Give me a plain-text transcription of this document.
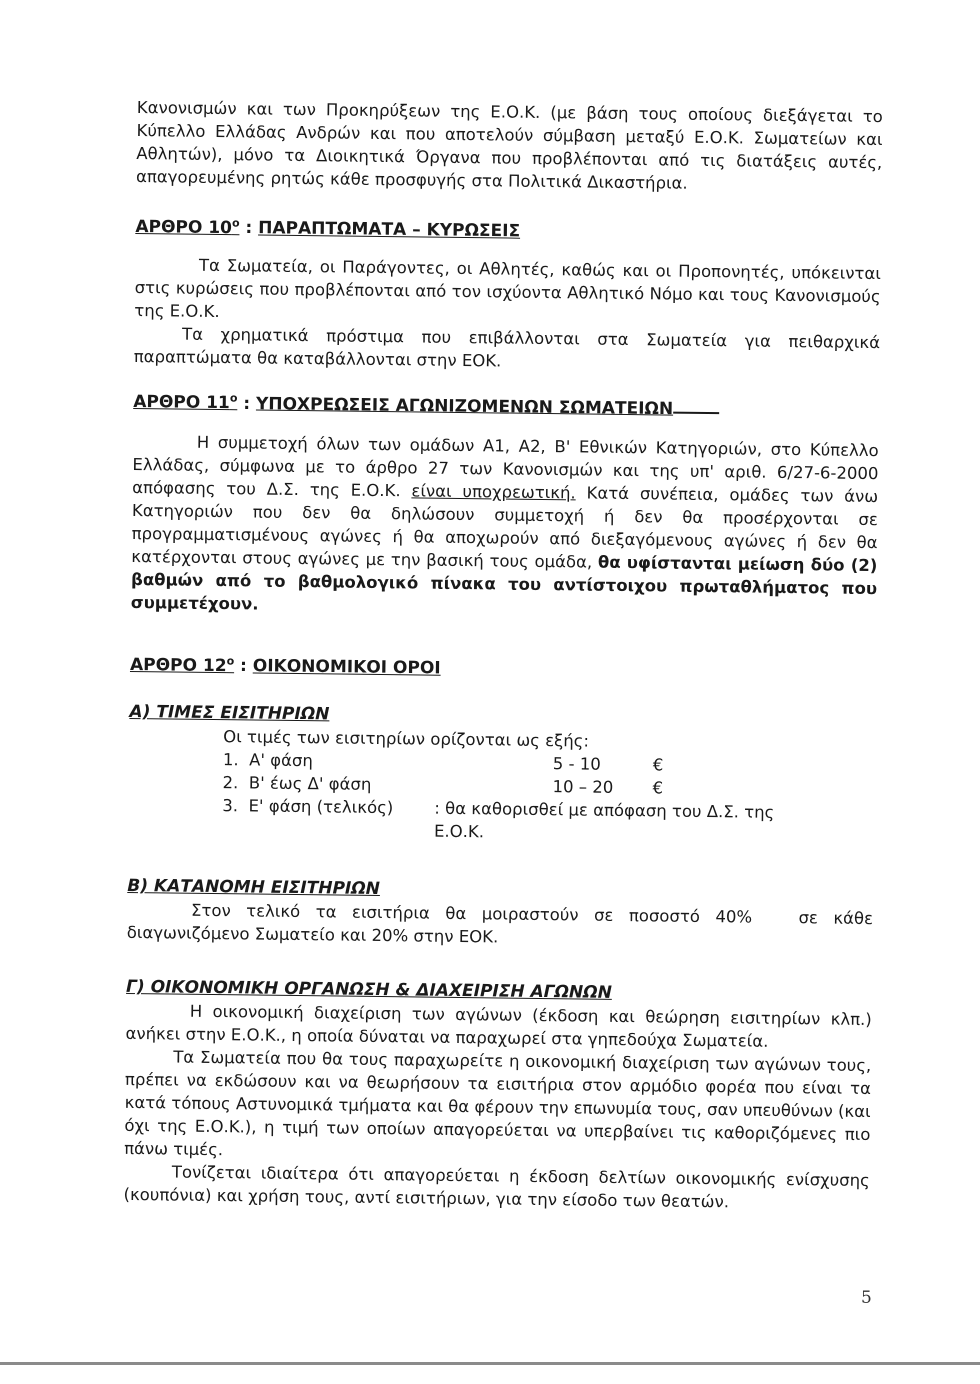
Κανονισμών και των Προκηρύξεων της Ε.Ο.Κ. (με βάση τους οποίους διεξάγεται το Κύπελλο Ελλάδας Ανδρών και που αποτελούν σύμβαση μεταξύ Ε.Ο.Κ. Σωματείων και Αθλητών), μόνο τα Διοικητικά Όργανα που προβλέπονται από τις διατάξεις αυτές, απαγορευμένης ρητώς κάθε προσφυγής στα Πολιτικά Δικαστήρια.

ΑΡΘΡΟ $10^o$ : ΠΑΡΑΠΤΩΜΑΤΑ – ΚΥΡΩΣΕΙΣ

Τα Σωματεία, οι Παράγοντες, οι Αθλητές, καθώς και οι Προπονητές, υπόκεινται στις κυρώσεις που προβλέπονται από τον ισχύοντα Αθλητικό Νόμο και τους Κανονισμούς της Ε.Ο.Κ.

Τα χρηματικά πρόστιμα που επιβάλλονται στα Σωματεία για πειθαρχικά παραπτώματα θα καταβάλλονται στην ΕΟΚ.

ΑΡΘΡΟ $11^o$ : ΥΠΟΧΡΕΩΣΕΙΣ ΑΓΩΝΙΖΟΜΕΝΩΝ ΣΩΜΑΤΕΙΩΝ

Η συμμετοχή όλων των ομάδων Α1, Α2, Β' Εθνικών Κατηγοριών, στο Κύπελλο Ελλάδας, σύμφωνα με το άρθρο 27 των Κανονισμών και της υπ' αριθ. 6/27-6-2000 απόφασης του Δ.Σ. της Ε.Ο.Κ. είναι υποχρεωτική. Κατά συνέπεια, ομάδες των άνω Κατηγοριών που δεν θα δηλώσουν συμμετοχή ή δεν θα προσέρχονται σε προγραμματισμένους αγώνες ή θα αποχωρούν από διεξαγόμενους αγώνες ή δεν θα κατέρχονται στους αγώνες με την βασική τους ομάδα, θα υφίστανται μείωση δύο (2) βαθμών από το βαθμολογικό πίνακα του αντίστοιχου πρωταθλήματος που συμμετέχουν.

ΑΡΘΡΟ $12^o$ : ΟΙΚΟΝΟΜΙΚΟΙ ΟΡΟΙ

Α) ΤΙΜΕΣ ΕΙΣΙΤΗΡΙΩΝ

Οι τιμές των εισιτηρίων ορίζονται ως εξής:

1.  Α' φάση	5 - 10	€
2.  Β' έως Δ' φάση	10 – 20	€
3.  Ε' φάση (τελικός)	: θα καθορισθεί με απόφαση του Δ.Σ. της
Ε.Ο.Κ.

Β) ΚΑΤΑΝΟΜΗ ΕΙΣΙΤΗΡΙΩΝ

Στον τελικό τα εισιτήρια θα μοιραστούν σε ποσοστό 40%   σε κάθε διαγωνιζόμενο Σωματείο και 20% στην ΕΟΚ.

Γ) ΟΙΚΟΝΟΜΙΚΗ ΟΡΓΑΝΩΣΗ & ΔΙΑΧΕΙΡΙΣΗ ΑΓΩΝΩΝ

Η οικονομική διαχείριση των αγώνων (έκδοση και θεώρηση εισιτηρίων κλπ.) ανήκει στην Ε.Ο.Κ., η οποία δύναται να παραχωρεί στα γηπεδούχα Σωματεία.

Τα Σωματεία που θα τους παραχωρείτε η οικονομική διαχείριση των αγώνων τους, πρέπει να εκδώσουν και να θεωρήσουν τα εισιτήρια στον αρμόδιο φορέα που είναι τα κατά τόπους Αστυνομικά τμήματα και θα φέρουν την επωνυμία τους, σαν υπευθύνων (και όχι της Ε.Ο.Κ.), η τιμή των οποίων απαγορεύεται να υπερβαίνει τις καθοριζόμενες πιο πάνω τιμές.

Τονίζεται ιδιαίτερα ότι απαγορεύεται η έκδοση δελτίων οικονομικής ενίσχυσης (κουπόνια) και χρήση τους, αντί εισιτήριων, για την είσοδο των θεατών.

5
